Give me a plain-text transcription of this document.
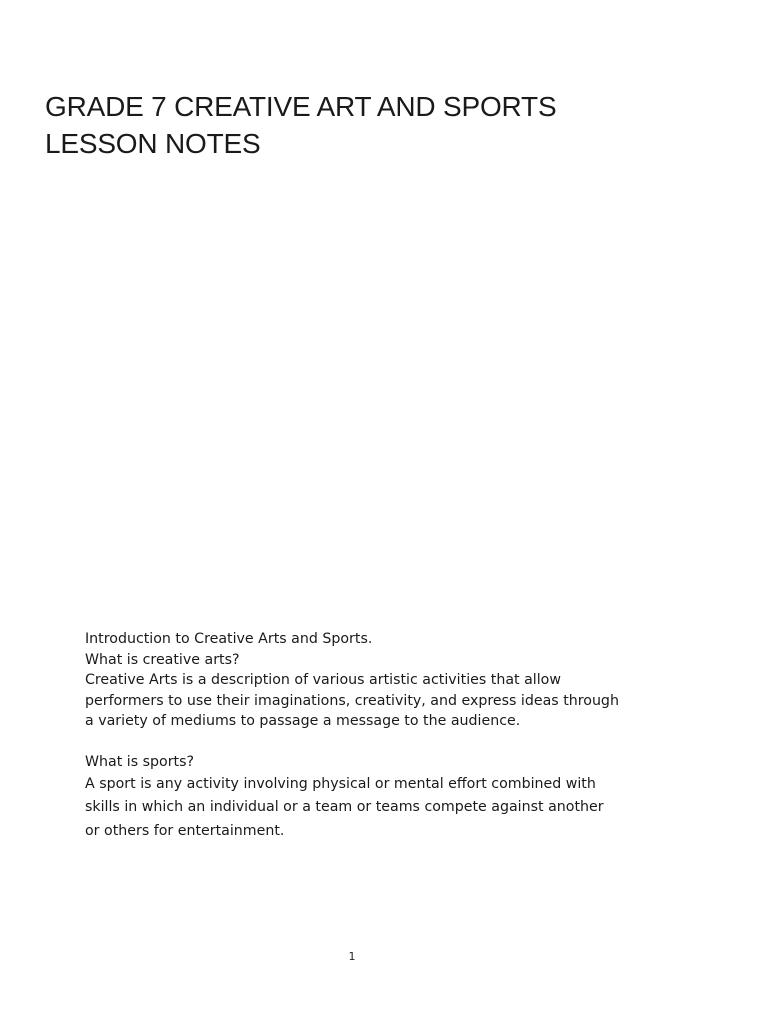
GRADE 7 CREATIVE ART AND SPORTS
LESSON NOTES

Introduction to Creative Arts and Sports.

What is creative arts?

Creative Arts is a description of various artistic activities that allow

performers to use their imaginations, creativity, and express ideas through

a variety of mediums to passage a message to the audience.

What is sports?

A sport is any activity involving physical or mental effort combined with

skills in which an individual or a team or teams compete against another

or others for entertainment.

1
